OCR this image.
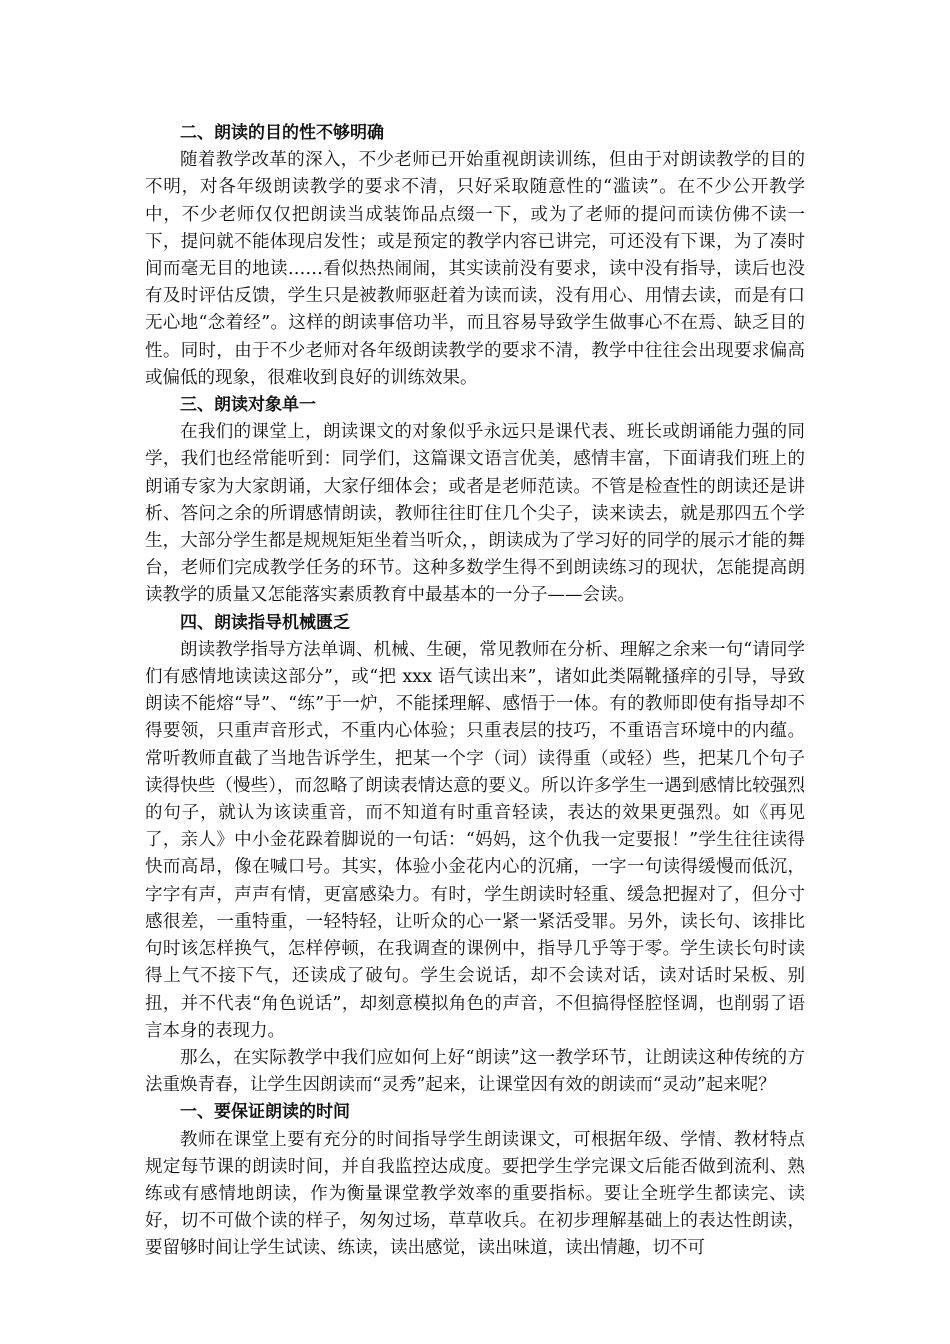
二、朗读的目的性不够明确

随着教学改革的深入，不少老师已开始重视朗读训练，但由于对朗读教学的目的不明，对各年级朗读教学的要求不清，只好采取随意性的“滥读”。在不少公开教学中，不少老师仅仅把朗读当成装饰品点缀一下，或为了老师的提问而读仿佛不读一下，提问就不能体现启发性；或是预定的教学内容已讲完，可还没有下课，为了凑时间而毫无目的地读……看似热热闹闹，其实读前没有要求，读中没有指导，读后也没有及时评估反馈，学生只是被教师驱赶着为读而读，没有用心、用情去读，而是有口无心地“念着经”。这样的朗读事倍功半，而且容易导致学生做事心不在焉、缺乏目的性。同时，由于不少老师对各年级朗读教学的要求不清，教学中往往会出现要求偏高或偏低的现象，很难收到良好的训练效果。

三、朗读对象单一

在我们的课堂上，朗读课文的对象似乎永远只是课代表、班长或朗诵能力强的同学，我们也经常能听到：同学们，这篇课文语言优美，感情丰富，下面请我们班上的朗诵专家为大家朗诵，大家仔细体会；或者是老师范读。不管是检查性的朗读还是讲析、答问之余的所谓感情朗读，教师往往盯住几个尖子，读来读去，就是那四五个学生，大部分学生都是规规矩矩坐着当听众，，朗读成为了学习好的同学的展示才能的舞台，老师们完成教学任务的环节。这种多数学生得不到朗读练习的现状，怎能提高朗读教学的质量又怎能落实素质教育中最基本的一分子——会读。

四、朗读指导机械匮乏

朗读教学指导方法单调、机械、生硬，常见教师在分析、理解之余来一句“请同学们有感情地读读这部分”，或“把 xxx 语气读出来”，诸如此类隔靴搔痒的引导，导致朗读不能熔“导”、“练”于一炉，不能揉理解、感悟于一体。有的教师即使有指导却不得要领，只重声音形式，不重内心体验；只重表层的技巧，不重语言环境中的内蕴。常听教师直截了当地告诉学生，把某一个字（词）读得重（或轻）些，把某几个句子读得快些（慢些），而忽略了朗读表情达意的要义。所以许多学生一遇到感情比较强烈的句子，就认为该读重音，而不知道有时重音轻读，表达的效果更强烈。如《再见了，亲人》中小金花跺着脚说的一句话：“妈妈，这个仇我一定要报！”学生往往读得快而高昂，像在喊口号。其实，体验小金花内心的沉痛，一字一句读得缓慢而低沉，字字有声，声声有情，更富感染力。有时，学生朗读时轻重、缓急把握对了，但分寸感很差，一重特重，一轻特轻，让听众的心一紧一紧活受罪。另外，读长句、该排比句时该怎样换气，怎样停顿，在我调查的课例中，指导几乎等于零。学生读长句时读得上气不接下气，还读成了破句。学生会说话，却不会读对话，读对话时呆板、别扭，并不代表“角色说话”，却刻意模拟角色的声音，不但搞得怪腔怪调，也削弱了语言本身的表现力。

那么，在实际教学中我们应如何上好“朗读”这一教学环节，让朗读这种传统的方法重焕青春，让学生因朗读而“灵秀”起来，让课堂因有效的朗读而“灵动”起来呢？

一、要保证朗读的时间

教师在课堂上要有充分的时间指导学生朗读课文，可根据年级、学情、教材特点规定每节课的朗读时间，并自我监控达成度。要把学生学完课文后能否做到流利、熟练或有感情地朗读，作为衡量课堂教学效率的重要指标。要让全班学生都读完、读好，切不可做个读的样子，匆匆过场，草草收兵。在初步理解基础上的表达性朗读，要留够时间让学生试读、练读，读出感觉，读出味道，读出情趣，切不可
